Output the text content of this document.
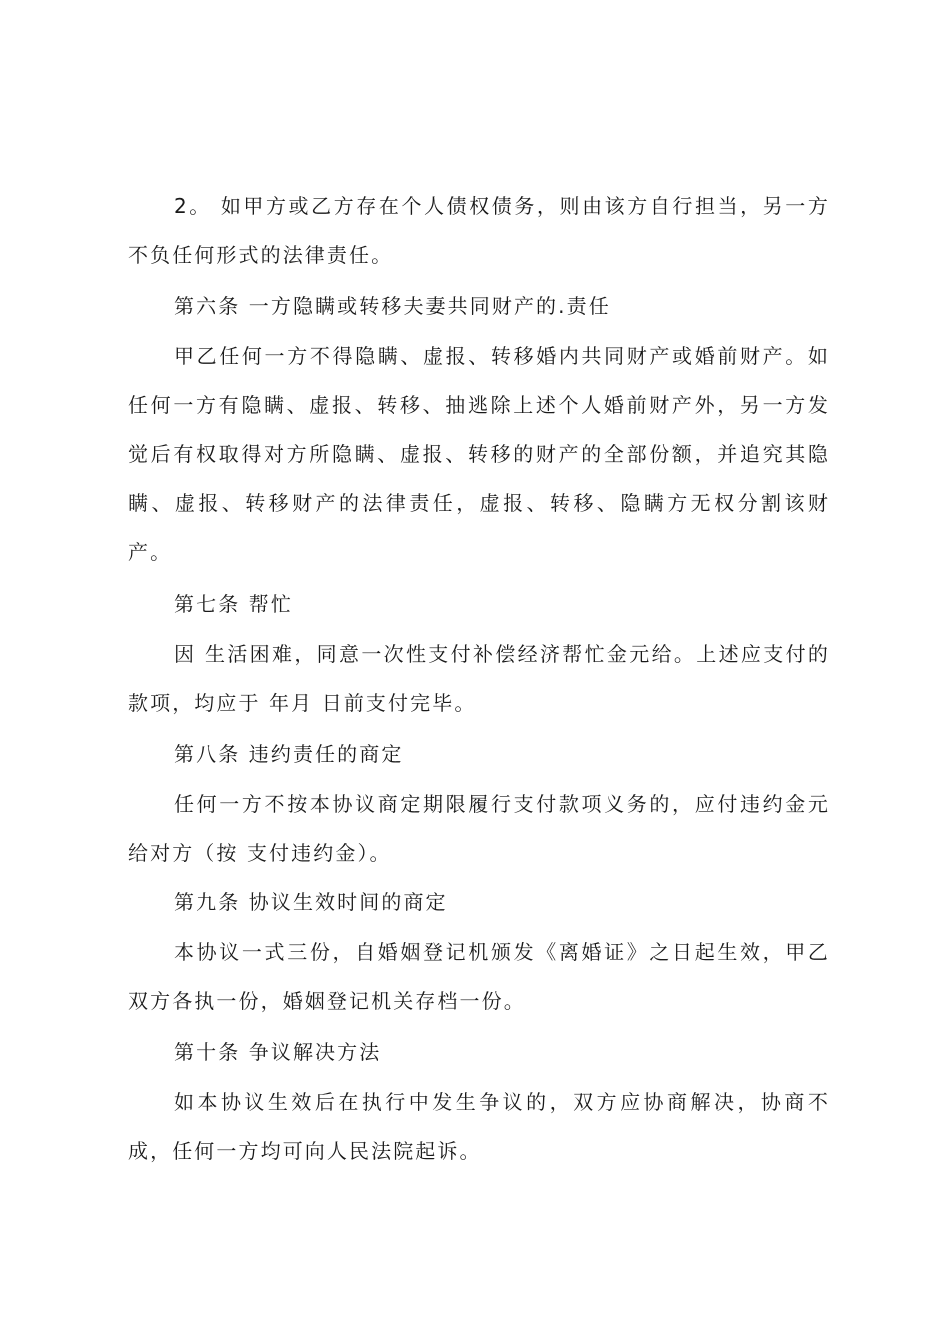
2。 如甲方或乙方存在个人债权债务，则由该方自行担当，另一方不负任何形式的法律责任。

第六条 一方隐瞒或转移夫妻共同财产的.责任

甲乙任何一方不得隐瞒、虚报、转移婚内共同财产或婚前财产。如任何一方有隐瞒、虚报、转移、抽逃除上述个人婚前财产外，另一方发觉后有权取得对方所隐瞒、虚报、转移的财产的全部份额，并追究其隐瞒、虚报、转移财产的法律责任，虚报、转移、隐瞒方无权分割该财产。

第七条 帮忙

因 生活困难，同意一次性支付补偿经济帮忙金元给。上述应支付的款项，均应于 年月 日前支付完毕。

第八条 违约责任的商定

任何一方不按本协议商定期限履行支付款项义务的，应付违约金元给对方（按 支付违约金）。

第九条 协议生效时间的商定

本协议一式三份，自婚姻登记机颁发《离婚证》之日起生效，甲乙双方各执一份，婚姻登记机关存档一份。

第十条 争议解决方法

如本协议生效后在执行中发生争议的，双方应协商解决，协商不成，任何一方均可向人民法院起诉。
